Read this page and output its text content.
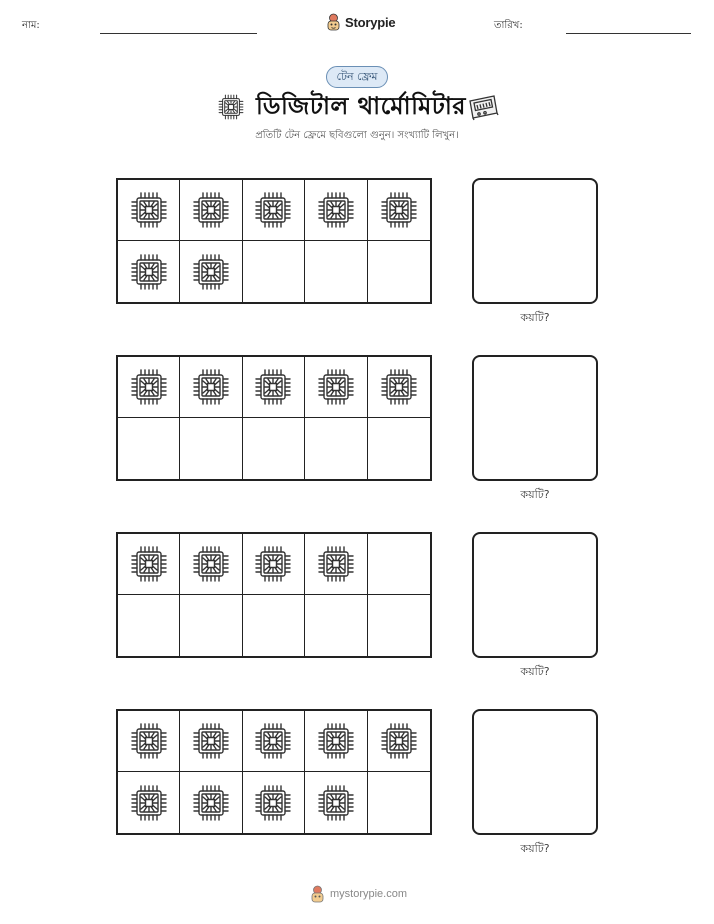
নাম:	Storypie	তারিখ:
টেন ফ্রেম
ডিজিটাল থার্মোমিটার
প্রতিটি টেন ফ্রেমে ছবিগুলো গুনুন। সংখ্যাটি লিখুন।
কয়টি?
কয়টি?
কয়টি?
কয়টি?
mystorypie.com
